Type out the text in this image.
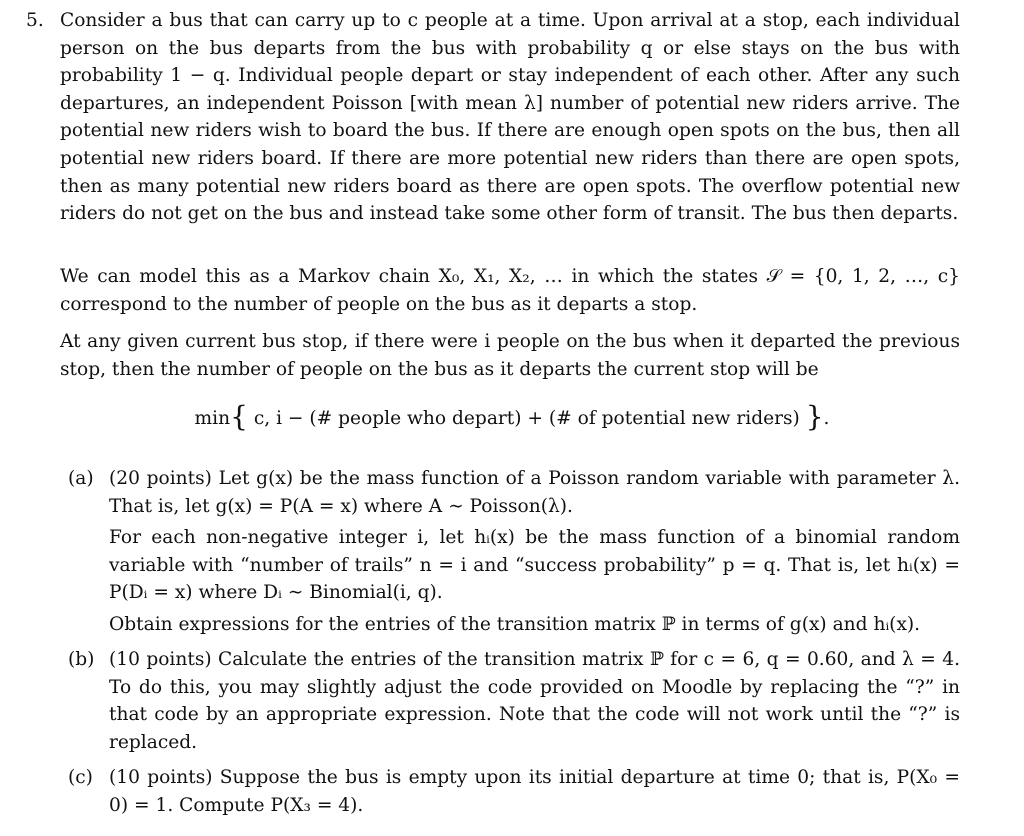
5. Consider a bus that can carry up to c people at a time. Upon arrival at a stop, each individual person on the bus departs from the bus with probability q or else stays on the bus with probability 1 − q. Individual people depart or stay independent of each other. After any such departures, an independent Poisson [with mean λ] number of potential new riders arrive. The potential new riders wish to board the bus. If there are enough open spots on the bus, then all potential new riders board. If there are more potential new riders than there are open spots, then as many potential new riders board as there are open spots. The overflow potential new riders do not get on the bus and instead take some other form of transit. The bus then departs.
We can model this as a Markov chain X₀, X₁, X₂, … in which the states 𝒮 = {0, 1, 2, …, c} correspond to the number of people on the bus as it departs a stop.
At any given current bus stop, if there were i people on the bus when it departed the previous stop, then the number of people on the bus as it departs the current stop will be
min{ c, i − (# people who depart) + (# of potential new riders) }.
(a) (20 points) Let g(x) be the mass function of a Poisson random variable with parameter λ. That is, let g(x) = P(A = x) where A ∼ Poisson(λ).
For each non-negative integer i, let hᵢ(x) be the mass function of a binomial random variable with “number of trails” n = i and “success probability” p = q. That is, let hᵢ(x) = P(Dᵢ = x) where Dᵢ ∼ Binomial(i, q).
Obtain expressions for the entries of the transition matrix ℙ in terms of g(x) and hᵢ(x).
(b) (10 points) Calculate the entries of the transition matrix ℙ for c = 6, q = 0.60, and λ = 4. To do this, you may slightly adjust the code provided on Moodle by replacing the “?” in that code by an appropriate expression. Note that the code will not work until the “?” is replaced.
(c) (10 points) Suppose the bus is empty upon its initial departure at time 0; that is, P(X₀ = 0) = 1. Compute P(X₃ = 4).
